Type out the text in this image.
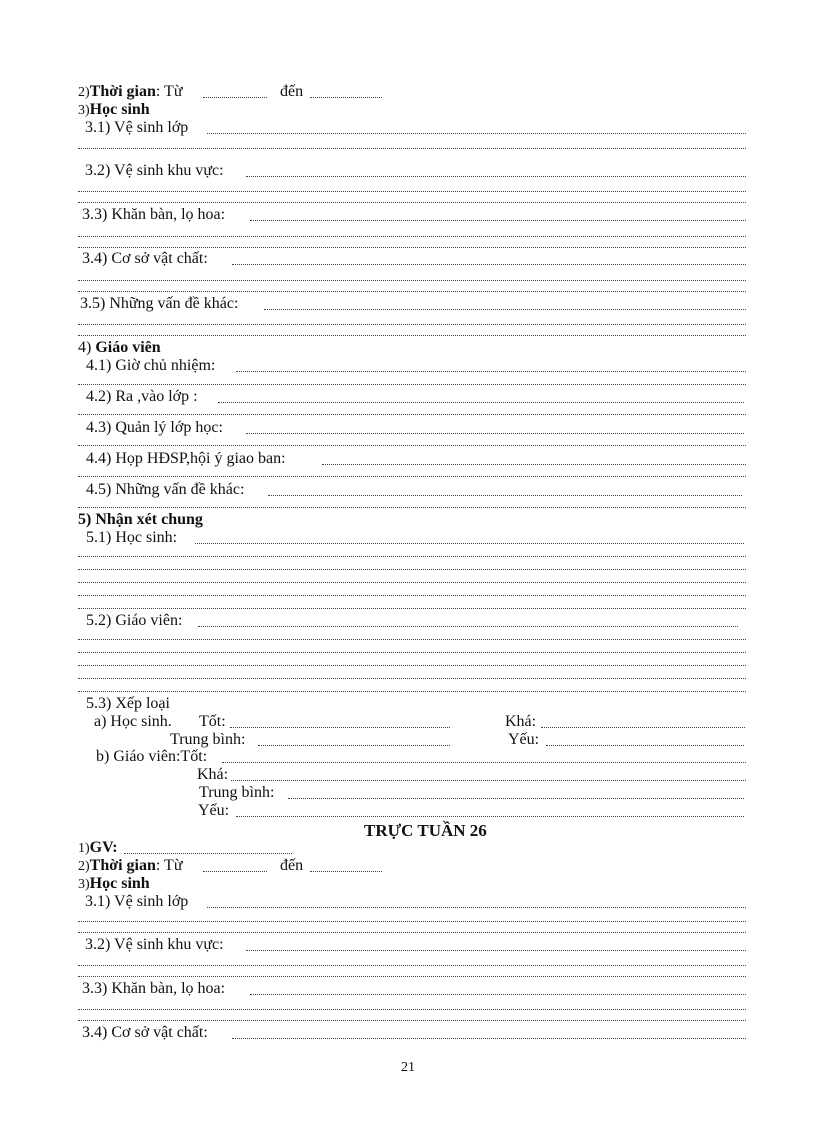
2)Thời gian: Từ	đến
3)Học sinh
3.1) Vệ sinh lớp
3.2) Vệ sinh khu vực:
3.3) Khăn bàn, lọ hoa:
3.4) Cơ sở vật chất:
3.5) Những vấn đề khác:
4) Giáo viên
4.1) Giờ chủ nhiệm:
4.2) Ra ,vào lớp :
4.3) Quản lý lớp học:
4.4) Họp HĐSP,hội ý giao ban:
4.5) Những vấn đề khác:
5) Nhận xét chung
5.1) Học sinh:
5.2) Giáo viên:
5.3) Xếp loại
a) Học sinh. Tốt:	Khá:
Trung bình:	Yếu:
b) Giáo viên:Tốt:
Khá:
Trung bình:
Yếu:
TRỰC TUẦN 26
1)GV:
2)Thời gian: Từ	đến
3)Học sinh
3.1) Vệ sinh lớp
3.2) Vệ sinh khu vực:
3.3) Khăn bàn, lọ hoa:
3.4) Cơ sở vật chất:
21
